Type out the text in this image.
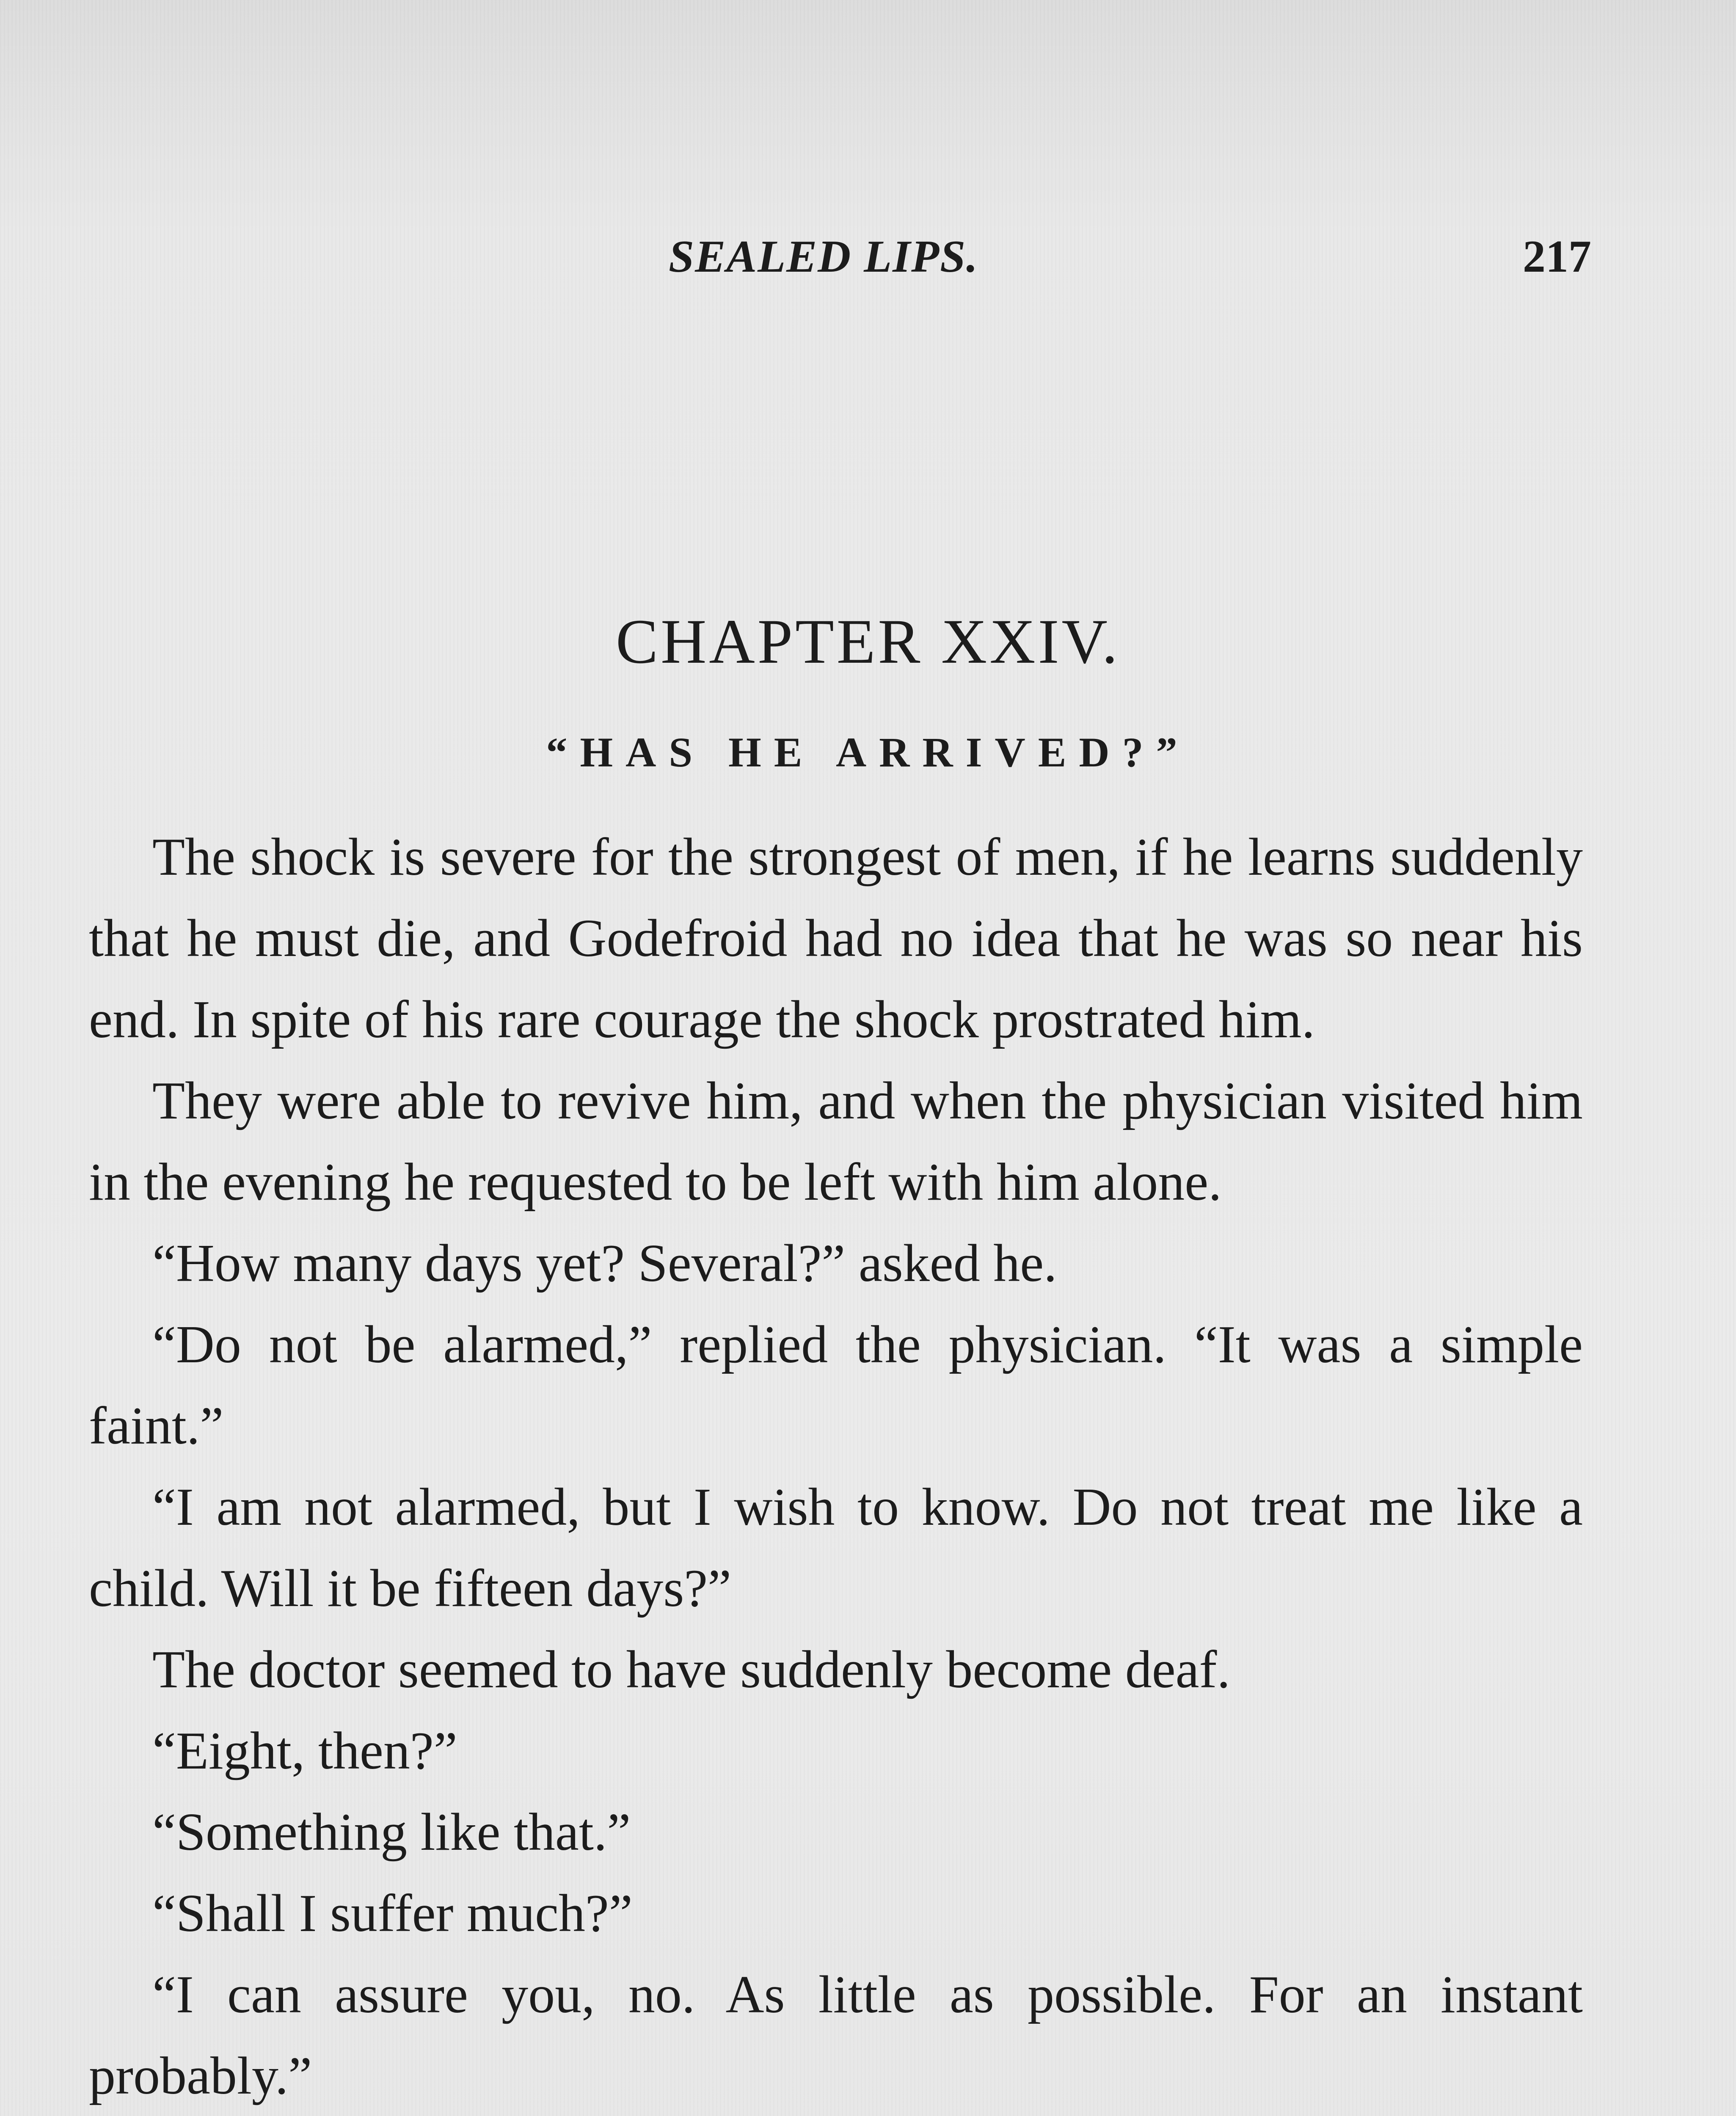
SEALED LIPS.	217
CHAPTER XXIV.
“HAS HE ARRIVED?”

The shock is severe for the strongest of men, if he learns suddenly that he must die, and Godefroid had no idea that he was so near his end. In spite of his rare courage the shock prostrated him.

They were able to revive him, and when the physician visited him in the evening he requested to be left with him alone.

“How many days yet? Several?” asked he.

“Do not be alarmed,” replied the physician. “It was a simple faint.”

“I am not alarmed, but I wish to know. Do not treat me like a child. Will it be fifteen days?”

The doctor seemed to have suddenly become deaf.

“Eight, then?”

“Something like that.”

“Shall I suffer much?”

“I can assure you, no. As little as possible. For an instant probably.”
